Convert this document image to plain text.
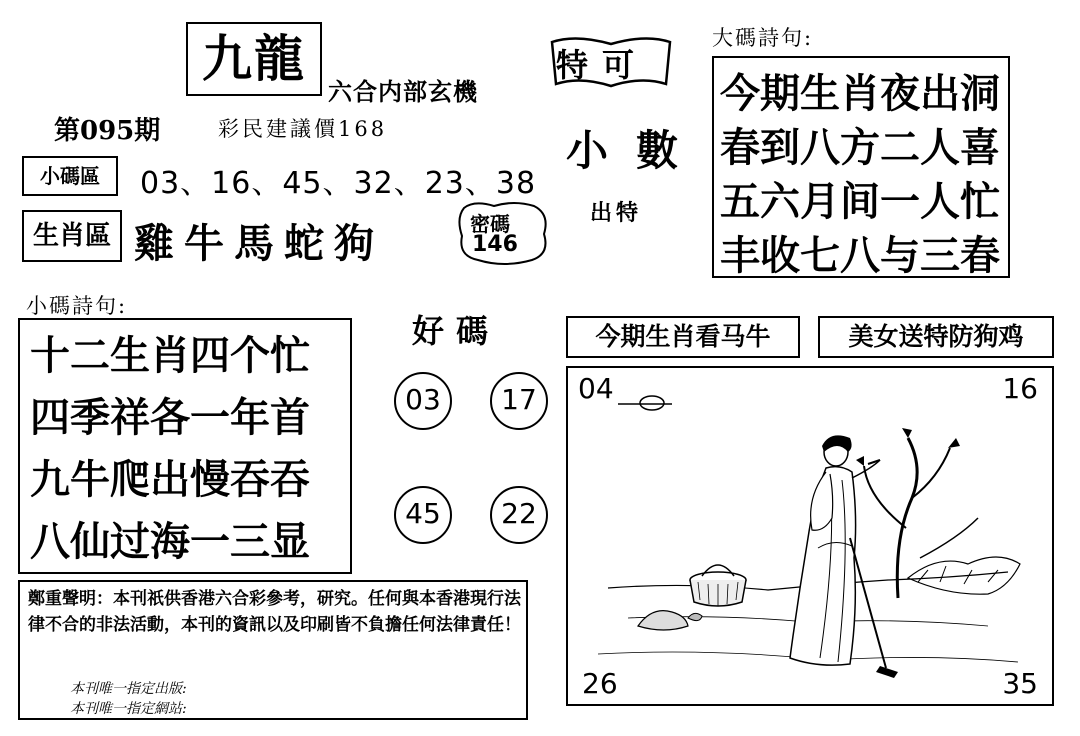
九龍
六合内部玄機
第095期	彩民建議價168
小碼區	03、16、45、32、23、38
生肖區 雞牛馬蛇狗	密碼
146
特可
小數
出特
大碼詩句:
今期生肖夜出洞
春到八方二人喜
五六月间一人忙
丰收七八与三春
小碼詩句:
十二生肖四个忙
四季祥各一年首
九牛爬出慢吞吞
八仙过海一三显
好碼
03	17
45	22
今期生肖看马牛	美女送特防狗鸡
04	16
26	35
鄭重聲明：本刊祇供香港六合彩參考，研究。任何與本香港現行法律不合的非法活動，本刊的資訊以及印刷皆不負擔任何法律責任！
本刊唯一指定出版:
本刊唯一指定網站:
